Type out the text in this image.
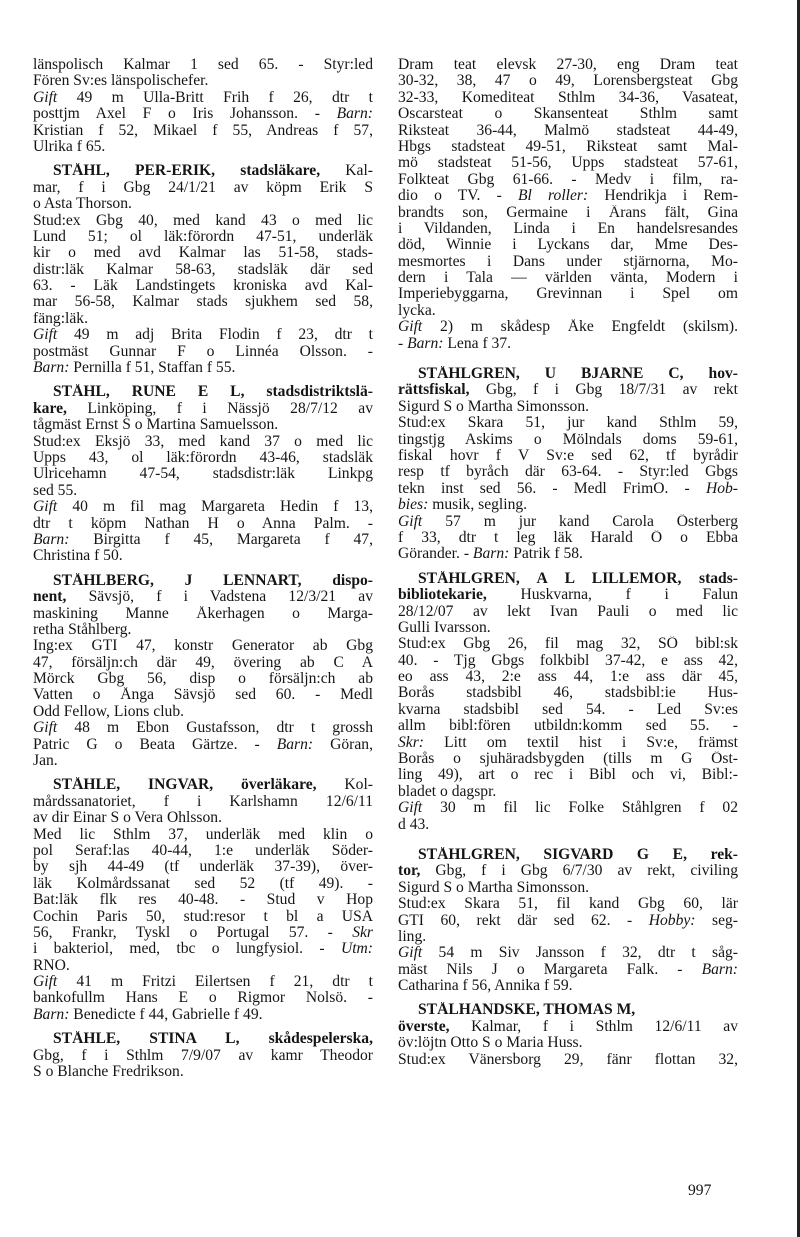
länspolisch Kalmar 1 sed 65. - Styr:led
Fören Sv:es länspolischefer.
Gift 49 m Ulla-Britt Frih f 26, dtr t
posttjm Axel F o Iris Johansson. - Barn:
Kristian f 52, Mikael f 55, Andreas f 57,
Ulrika f 65.
STÅHL, PER-ERIK, stadsläkare, Kal-
mar, f i Gbg 24/1/21 av köpm Erik S
o Asta Thorson.
Stud:ex Gbg 40, med kand 43 o med lic
Lund 51; ol läk:förordn 47-51, underläk
kir o med avd Kalmar las 51-58, stads-
distr:läk Kalmar 58-63, stadsläk där sed
63. - Läk Landstingets kroniska avd Kal-
mar 56-58, Kalmar stads sjukhem sed 58,
fäng:läk.
Gift 49 m adj Brita Flodin f 23, dtr t
postmäst Gunnar F o Linnéa Olsson. -
Barn: Pernilla f 51, Staffan f 55.
STÅHL, RUNE E L, stadsdistriktslä-
kare, Linköping, f i Nässjö 28/7/12 av
tågmäst Ernst S o Martina Samuelsson.
Stud:ex Eksjö 33, med kand 37 o med lic
Upps 43, ol läk:förordn 43-46, stadsläk
Ulricehamn 47-54, stadsdistr:läk Linkpg
sed 55.
Gift 40 m fil mag Margareta Hedin f 13,
dtr t köpm Nathan H o Anna Palm. -
Barn: Birgitta f 45, Margareta f 47,
Christina f 50.
STÅHLBERG, J LENNART, dispo-
nent, Sävsjö, f i Vadstena 12/3/21 av
maskining Manne Åkerhagen o Marga-
retha Ståhlberg.
Ing:ex GTI 47, konstr Generator ab Gbg
47, försäljn:ch där 49, övering ab C A
Mörck Gbg 56, disp o försäljn:ch ab
Vatten o Ånga Sävsjö sed 60. - Medl
Odd Fellow, Lions club.
Gift 48 m Ebon Gustafsson, dtr t grossh
Patric G o Beata Gärtze. - Barn: Göran,
Jan.
STÅHLE, INGVAR, överläkare, Kol-
mårdssanatoriet, f i Karlshamn 12/6/11
av dir Einar S o Vera Ohlsson.
Med lic Sthlm 37, underläk med klin o
pol Seraf:las 40-44, 1:e underläk Söder-
by sjh 44-49 (tf underläk 37-39), över-
läk Kolmårdssanat sed 52 (tf 49). -
Bat:läk flk res 40-48. - Stud v Hop
Cochin Paris 50, stud:resor t bl a USA
56, Frankr, Tyskl o Portugal 57. - Skr
i bakteriol, med, tbc o lungfysiol. - Utm:
RNO.
Gift 41 m Fritzi Eilertsen f 21, dtr t
bankofullm Hans E o Rigmor Nolsö. -
Barn: Benedicte f 44, Gabrielle f 49.
STÅHLE, STINA L, skådespelerska,
Gbg, f i Sthlm 7/9/07 av kamr Theodor
S o Blanche Fredrikson.
Dram teat elevsk 27-30, eng Dram teat
30-32, 38, 47 o 49, Lorensbergsteat Gbg
32-33, Komediteat Sthlm 34-36, Vasateat,
Oscarsteat o Skansenteat Sthlm samt
Riksteat 36-44, Malmö stadsteat 44-49,
Hbgs stadsteat 49-51, Riksteat samt Mal-
mö stadsteat 51-56, Upps stadsteat 57-61,
Folkteat Gbg 61-66. - Medv i film, ra-
dio o TV. - Bl roller: Hendrikja i Rem-
brandts son, Germaine i Ärans fält, Gina
i Vildanden, Linda i En handelsresandes
död, Winnie i Lyckans dar, Mme Des-
mesmortes i Dans under stjärnorna, Mo-
dern i Tala — världen vänta, Modern i
Imperiebyggarna, Grevinnan i Spel om
lycka.
Gift 2) m skådesp Åke Engfeldt (skilsm).
- Barn: Lena f 37.
STÅHLGREN, U BJARNE C, hov-
rättsfiskal, Gbg, f i Gbg 18/7/31 av rekt
Sigurd S o Martha Simonsson.
Stud:ex Skara 51, jur kand Sthlm 59,
tingstjg Askims o Mölndals doms 59-61,
fiskal hovr f V Sv:e sed 62, tf byrådir
resp tf byråch där 63-64. - Styr:led Gbgs
tekn inst sed 56. - Medl FrimO. - Hob-
bies: musik, segling.
Gift 57 m jur kand Carola Österberg
f 33, dtr t leg läk Harald Ö o Ebba
Görander. - Barn: Patrik f 58.
STÅHLGREN, A L LILLEMOR, stads-
bibliotekarie, Huskvarna, f i Falun
28/12/07 av lekt Ivan Pauli o med lic
Gulli Ivarsson.
Stud:ex Gbg 26, fil mag 32, SÖ bibl:sk
40. - Tjg Gbgs folkbibl 37-42, e ass 42,
eo ass 43, 2:e ass 44, 1:e ass där 45,
Borås stadsbibl 46, stadsbibl:ie Hus-
kvarna stadsbibl sed 54. - Led Sv:es
allm bibl:fören utbildn:komm sed 55. -
Skr: Litt om textil hist i Sv:e, främst
Borås o sjuhäradsbygden (tills m G Öst-
ling 49), art o rec i Bibl och vi, Bibl:-
bladet o dagspr.
Gift 30 m fil lic Folke Ståhlgren f 02
d 43.
STÅHLGREN, SIGVARD G E, rek-
tor, Gbg, f i Gbg 6/7/30 av rekt, civiling
Sigurd S o Martha Simonsson.
Stud:ex Skara 51, fil kand Gbg 60, lär
GTI 60, rekt där sed 62. - Hobby: seg-
ling.
Gift 54 m Siv Jansson f 32, dtr t såg-
mäst Nils J o Margareta Falk. - Barn:
Catharina f 56, Annika f 59.
STÅLHANDSKE, THOMAS M,
överste, Kalmar, f i Sthlm 12/6/11 av
öv:löjtn Otto S o Maria Huss.
Stud:ex Vänersborg 29, fänr flottan 32,
997
